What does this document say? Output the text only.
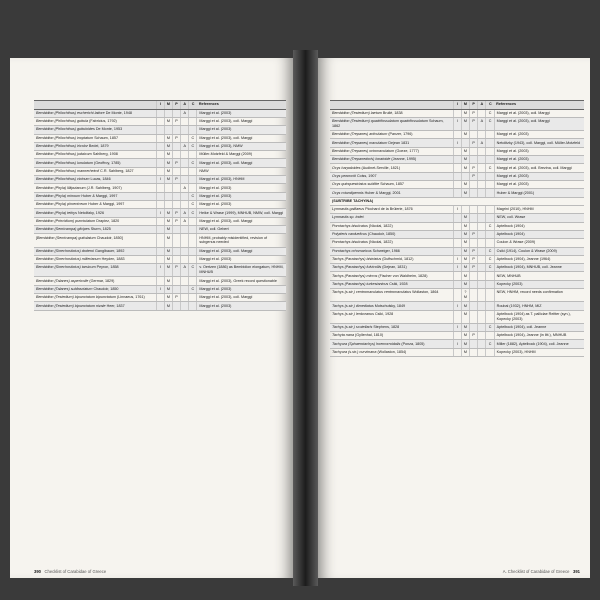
	I	M	P	A	C	References
Bembidion (Philochthus) escherichi latiore De Monte, 1948				A		Marggi et al. (2003)
Bembidion (Philochthus) guttula (Fabricius, 1792)		M	P			Marggi et al. (2003), coll. Marggi
Bembidion (Philochthus) guttuloides De Monte, 1953						Marggi et al. (2003)
Bembidion (Philochthus) inoptatum Schaum, 1857		M	P		C	Marggi et al. (2003), coll. Marggi
Bembidion (Philochthus) iricolor Bedel, 1879		M		A	C	Marggi et al. (2003), NMW
Bembidion (Philochthus) judaicum Sahlberg, 1908		M				Müller-Motzfeld & Marggi (2009)
Bembidion (Philochthus) lunulatum (Geoffroy, 1785)		M	P		C	Marggi et al. (2003), coll. Marggi
Bembidion (Philochthus) mannerheimii C.R. Sahlberg, 1827		M				NMW
Bembidion (Philochthus) vicinum Lucas, 1846	I	M	P			Marggi et al. (2003), HNHM
Bembidion (Phyla) lilliputanum (J.R. Sahlberg, 1907)				A		Marggi et al. (2003)
Bembidion (Phyla) minoum Huber & Marggi, 1997					C	Marggi et al. (2003)
Bembidion (Phyla) phoeniceum Huber & Marggi, 1997					C	Marggi et al. (2003)
Bembidion (Phyla) tethys Netolitzky, 1926	I	M	P	A	C	Heike & Wrase (1999), MNHUB, NMW, coll. Marggi
Bembidion (Princidium) punctulatum Drapiez, 1820		M	P	A		Marggi et al. (2003), coll. Marggi
Bembidion (Semicampa) glivipes Sturm, 1825		M				NEW, coll. Gebert
[Bembidion (Semicampa) guttulatum Chaudoir, 1850]		M				HNHM, probably misidentified, revision of subgenus needed
Bembidion (Sinechostictus) doderoi Ganglbauer, 1892		M				Marggi et al. (2003), coll. Marggi
Bembidion (Sinechostictus) millerianum Heyden, 1883		M				Marggi et al. (2003)
Bembidion (Sinechostictus) tarsicum Peyron, 1858	I	M	P	A	C	v. Oertzen (1886) as Bembidion elongatum, HNHM, MNHUB
Bembidion (Talanes) aspericolle (Germar, 1829)		M				Marggi et al. (2003), Greek record questionable
Bembidion (Talanes) subfasciatum Chaudoir, 1850	I	M			C	Marggi et al. (2003)
Bembidion (Testedium) bipunctatum bipunctatum (Linnaeus, 1761)		M	P			Marggi et al. (2003), coll. Marggi
Bembidion (Testedium) bipunctatum nivale Heer, 1837		M				Marggi et al. (2003)
390 Checklist of Carabidae of Greece
	I	M	P	A	C	References
Bembidion (Testedium) laetum Brullé, 1838		M	P		C	Marggi et al. (2003), coll. Marggi
Bembidion (Testedium) quadrifossulatum quadrifossulatum Schaum, 1862	I	M	P	A	C	Marggi et al. (2003), coll. Marggi
Bembidion (Trepanes) articulatum (Panzer, 1796)		M				Marggi et al. (2003)
Bembidion (Trepanes) maculatum Dejean 1831	I		P	A		Netolitzky (1943), coll. Marggi, coll. Müller-Motzfeld
Bembidion (Trepanes) octomaculatum (Goeze, 1777)		M				Marggi et al. (2003)
Bembidion (Trepanedoris) lonatoide (Jeanne, 1995)		M				Marggi et al. (2003)
Ocys harpaloides (Audinet-Serville, 1821)		M	P		C	Marggi et al. (2003), coll. Brezina, coll. Marggi
Ocys peacocki Coiss, 1907			P			Marggi et al. (2003)
Ocys quinquestriatus sublitte Schaum, 1857		M				Marggi et al. (2003)
Ocys rotundipennis Huber & Marggi, 2001		M				Huber & Marggi (2001)
(SUBTRIBE TACHYINA)						
Lymnastis galilaeus Piochard de la Brûlerie, 1876	I					Magrini (2010), HNHM
Lymnastis sp. indet.		M				NEW, coll. Wrase
Porotachys bisulcatus (Nicolai, 1822)		M			C	Aptelbock (1904)
Polyderis carduelicus (Chaudoir, 1850)		M	P			Aptelbock (1904)
Porotachys bisulcatus (Nicolai, 1822)		M				Coulon & Wrase (2009)
Porotachys crhomaricus Schweiger, 1966		M	P		C	Csiki (1914), Coulon & Wrase (2009)
Tachys (Paratachys) bistriatus (Duftschmid, 1812)	I	M	P		C	Aptelbock (1904), Jeanne (1964)
Tachys (Paratachys) fulvicollis (Dejean, 1831)	I	M	P		C	Aptelbock (1904), MNHUB, coll. Jeanne
Tachys (Paratachys) micros (Fischer von Waldheim, 1828)		M				NEW, MNHUB
Tachys (Paratachys) turkestanicus Csiki, 1928		M				Kopecky (2003)
Tachys (s.str.) centromaculatus centromaculatus Wollaston, 1864		?M				NEW, HNHM, record needs confirmation
Tachys (s.str.) dimediatus Motschulsky, 1849	I	M				Roubal (1932), HNHM, MIZ
Tachys (s.str.) lenkoranus Csiki, 1928		M				Aptelbock (1904) as T. palliclae Reitter (syn.), Kopecky (2003)
Tachys (s.str.) scutellaris Stephens, 1828	I	M			C	Aptelbock (1904), coll. Jeanne
Tachyta nana (Gyllenhal, 1810)		M	P			Aptelbock (1904), Jeanne (in litt.), MNHUB
Tachyura (Sphaerotachys) hoemorroidalis (Ponza, 1805)	I	M			C	Miller (1882), Aptelbock (1904), coll. Jeanne
Tachyura (s.str.) curvimana (Wollaston, 1854)		M				Kopecky (2003), HNHM
A. Checklist of Carabidae of Greece 391
